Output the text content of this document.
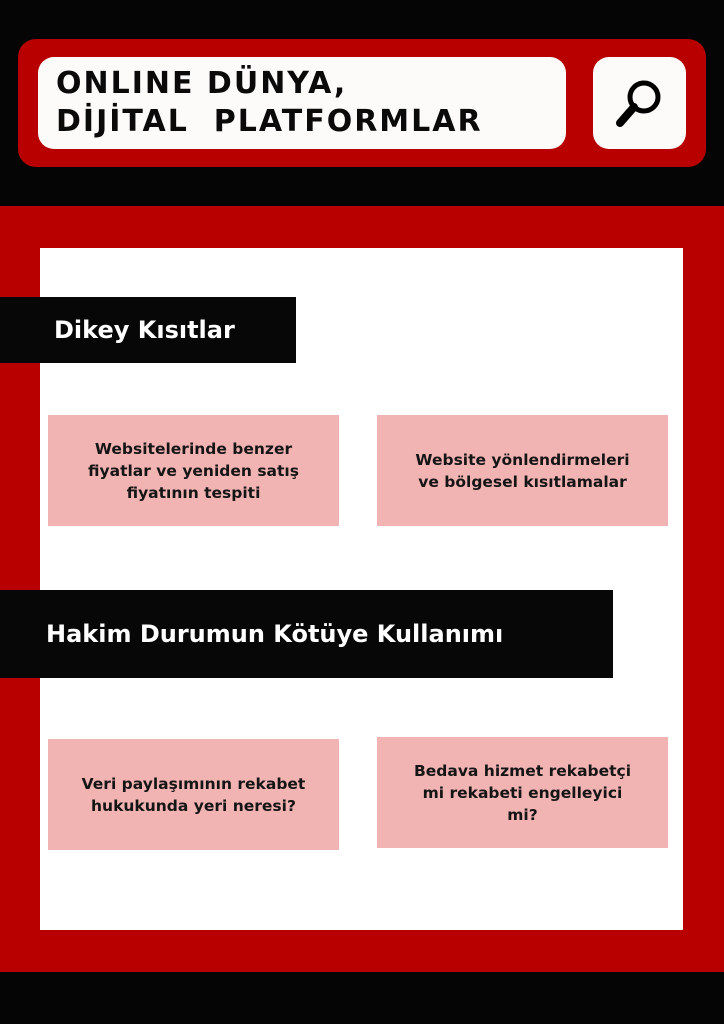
ONLINE DÜNYA,
DİJİTAL  PLATFORMLAR
Dikey Kısıtlar
Websitelerinde benzer fiyatlar ve yeniden satış fiyatının tespiti
Website yönlendirmeleri ve bölgesel kısıtlamalar
Hakim Durumun Kötüye Kullanımı
Veri paylaşımının rekabet hukukunda yeri neresi?
Bedava hizmet rekabetçi mi rekabeti engelleyici mi?
